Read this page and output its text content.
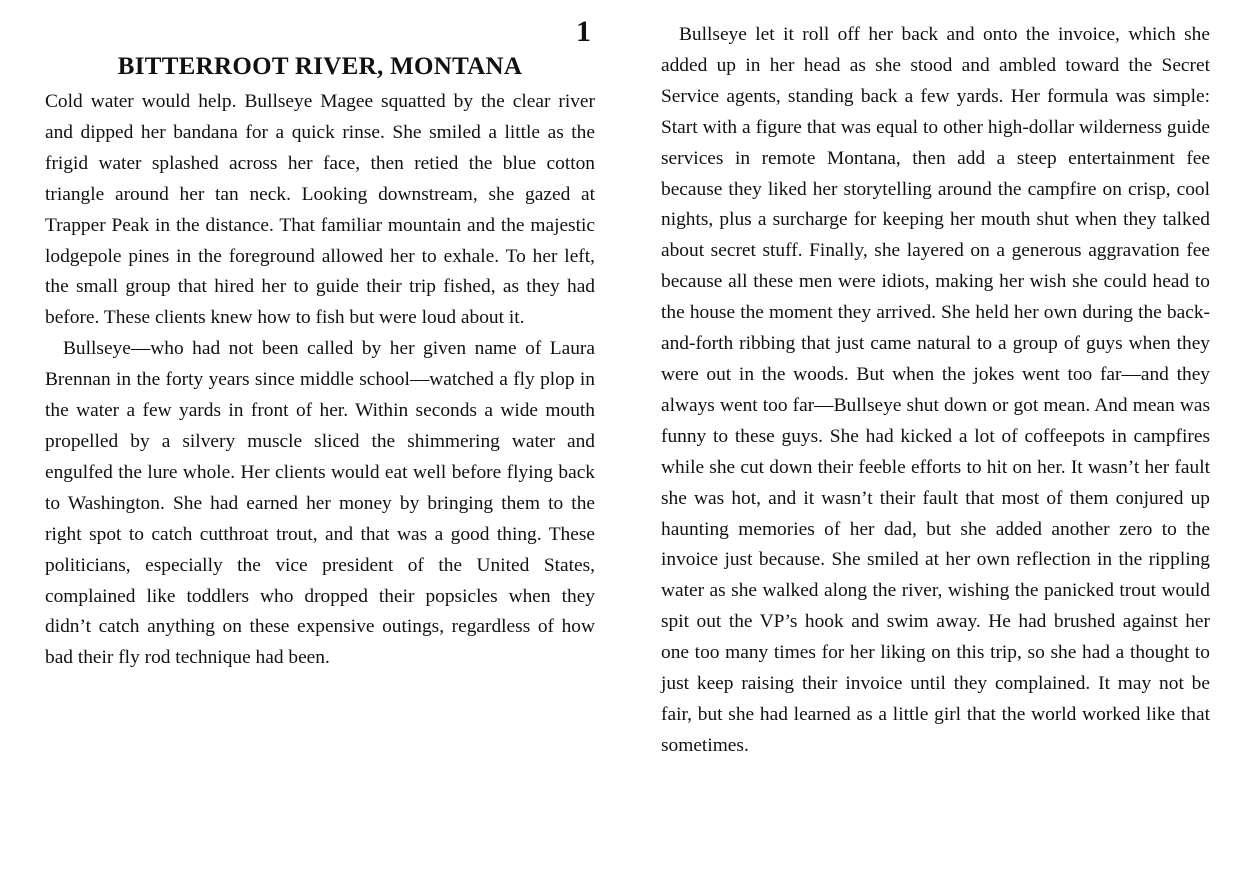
1
BITTERROOT RIVER, MONTANA

Cold water would help. Bullseye Magee squatted by the clear river and dipped her bandana for a quick rinse. She smiled a little as the frigid water splashed across her face, then retied the blue cotton triangle around her tan neck. Looking downstream, she gazed at Trapper Peak in the distance. That familiar mountain and the majestic lodgepole pines in the foreground allowed her to exhale. To her left, the small group that hired her to guide their trip fished, as they had before. These clients knew how to fish but were loud about it.

Bullseye—who had not been called by her given name of Laura Brennan in the forty years since middle school—watched a fly plop in the water a few yards in front of her. Within seconds a wide mouth propelled by a silvery muscle sliced the shimmering water and engulfed the lure whole. Her clients would eat well before flying back to Washington. She had earned her money by bringing them to the right spot to catch cutthroat trout, and that was a good thing. These politicians, especially the vice president of the United States, complained like toddlers who dropped their popsicles when they didn’t catch anything on these expensive outings, regardless of how bad their fly rod technique had been.

Bullseye let it roll off her back and onto the invoice, which she added up in her head as she stood and ambled toward the Secret Service agents, standing back a few yards. Her formula was simple: Start with a figure that was equal to other high-dollar wilderness guide services in remote Montana, then add a steep entertainment fee because they liked her storytelling around the campfire on crisp, cool nights, plus a surcharge for keeping her mouth shut when they talked about secret stuff. Finally, she layered on a generous aggravation fee because all these men were idiots, making her wish she could head to the house the moment they arrived. She held her own during the back-and-forth ribbing that just came natural to a group of guys when they were out in the woods. But when the jokes went too far—and they always went too far—Bullseye shut down or got mean. And mean was funny to these guys. She had kicked a lot of coffeepots in campfires while she cut down their feeble efforts to hit on her. It wasn’t her fault she was hot, and it wasn’t their fault that most of them conjured up haunting memories of her dad, but she added another zero to the invoice just because. She smiled at her own reflection in the rippling water as she walked along the river, wishing the panicked trout would spit out the VP’s hook and swim away. He had brushed against her one too many times for her liking on this trip, so she had a thought to just keep raising their invoice until they complained. It may not be fair, but she had learned as a little girl that the world worked like that sometimes.
